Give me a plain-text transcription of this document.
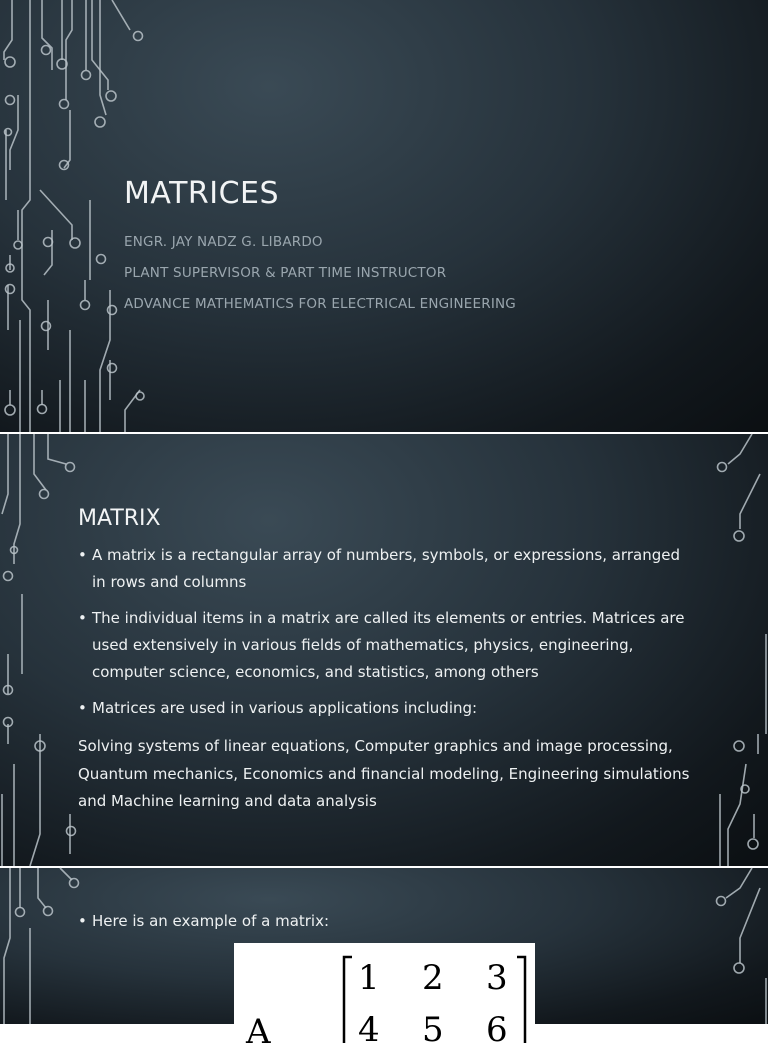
MATRICES

ENGR. JAY NADZ G. LIBARDO

PLANT SUPERVISOR & PART TIME INSTRUCTOR

ADVANCE MATHEMATICS FOR ELECTRICAL ENGINEERING

MATRIX
• A matrix is a rectangular array of numbers, symbols, or expressions, arranged in rows and columns
• The individual items in a matrix are called its elements or entries. Matrices are used extensively in various fields of mathematics, physics, engineering, computer science, economics, and statistics, among others
• Matrices are used in various applications including:

Solving systems of linear equations, Computer graphics and image processing, Quantum mechanics, Economics and financial modeling, Engineering simulations and Machine learning and data analysis

• Here is an example of a matrix:

A
1 2 3
4 5 6
